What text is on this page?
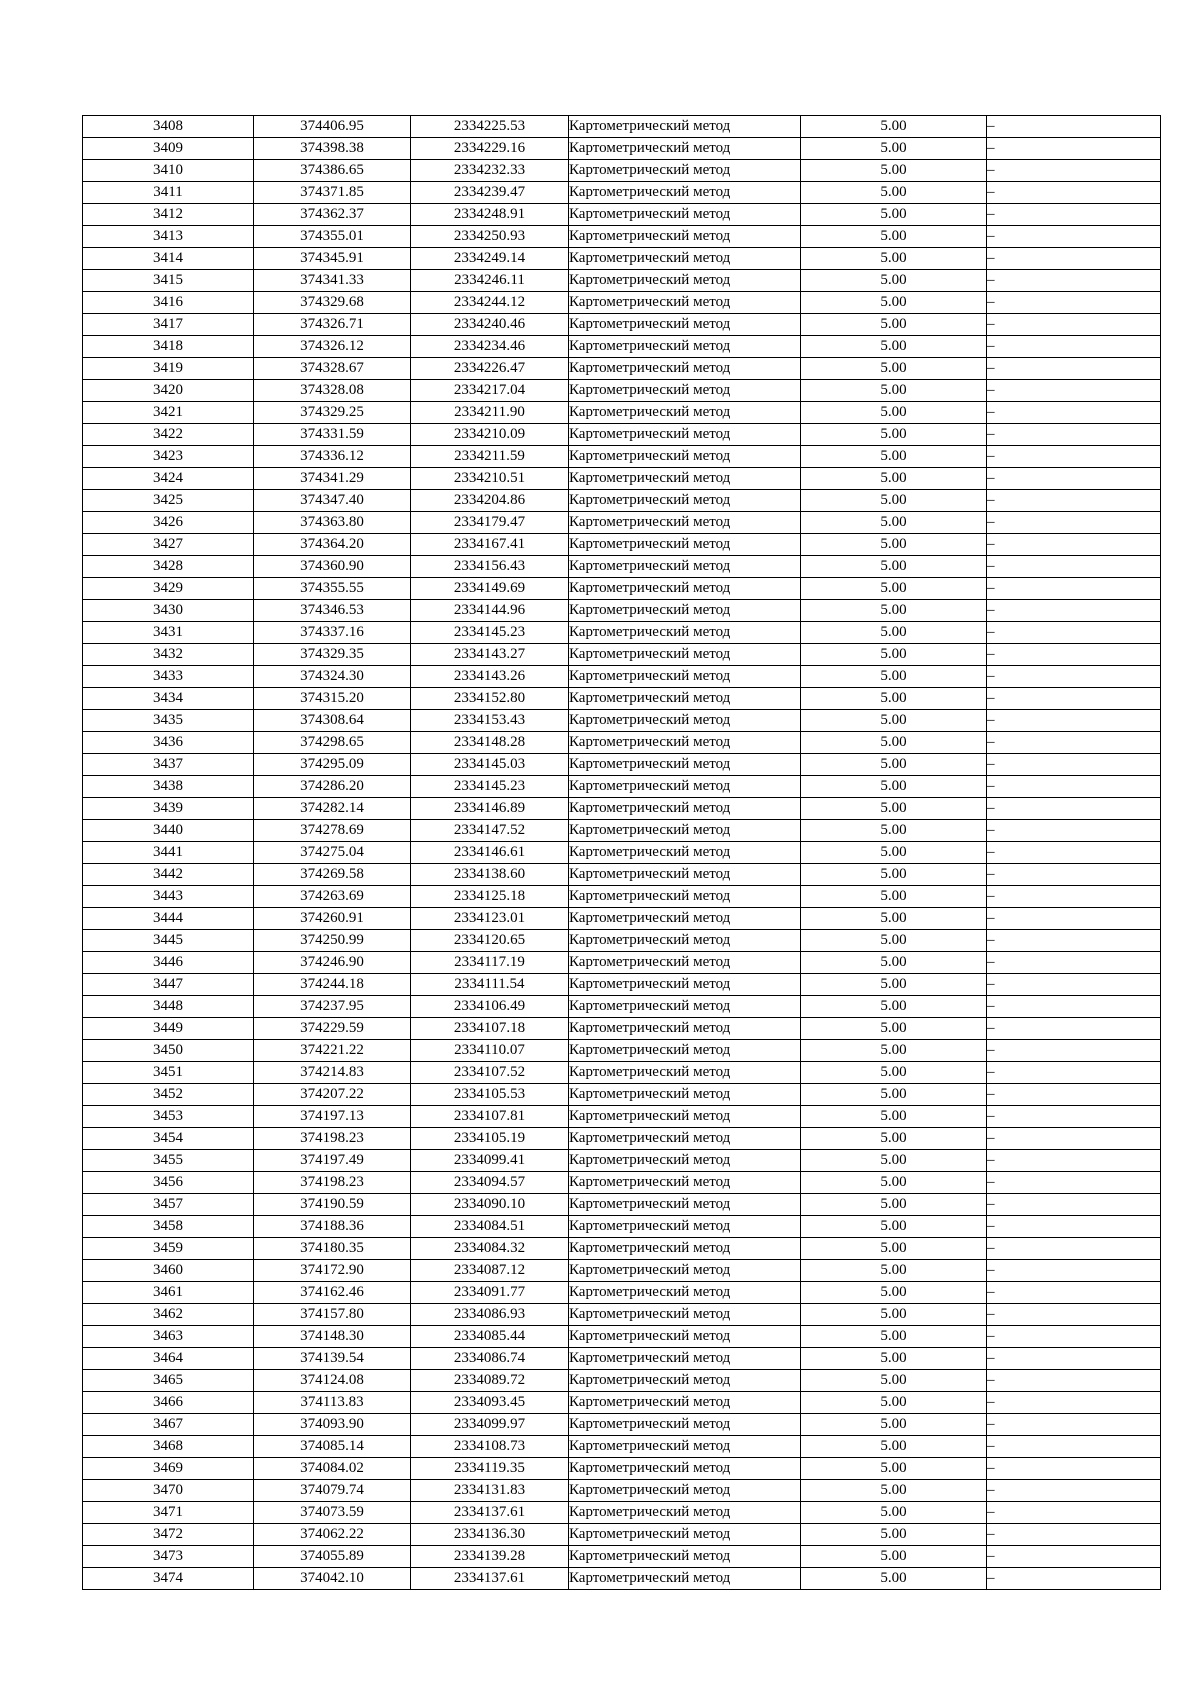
3408	374406.95	2334225.53	Картометрический метод	5.00	–
3409	374398.38	2334229.16	Картометрический метод	5.00	–
3410	374386.65	2334232.33	Картометрический метод	5.00	–
3411	374371.85	2334239.47	Картометрический метод	5.00	–
3412	374362.37	2334248.91	Картометрический метод	5.00	–
3413	374355.01	2334250.93	Картометрический метод	5.00	–
3414	374345.91	2334249.14	Картометрический метод	5.00	–
3415	374341.33	2334246.11	Картометрический метод	5.00	–
3416	374329.68	2334244.12	Картометрический метод	5.00	–
3417	374326.71	2334240.46	Картометрический метод	5.00	–
3418	374326.12	2334234.46	Картометрический метод	5.00	–
3419	374328.67	2334226.47	Картометрический метод	5.00	–
3420	374328.08	2334217.04	Картометрический метод	5.00	–
3421	374329.25	2334211.90	Картометрический метод	5.00	–
3422	374331.59	2334210.09	Картометрический метод	5.00	–
3423	374336.12	2334211.59	Картометрический метод	5.00	–
3424	374341.29	2334210.51	Картометрический метод	5.00	–
3425	374347.40	2334204.86	Картометрический метод	5.00	–
3426	374363.80	2334179.47	Картометрический метод	5.00	–
3427	374364.20	2334167.41	Картометрический метод	5.00	–
3428	374360.90	2334156.43	Картометрический метод	5.00	–
3429	374355.55	2334149.69	Картометрический метод	5.00	–
3430	374346.53	2334144.96	Картометрический метод	5.00	–
3431	374337.16	2334145.23	Картометрический метод	5.00	–
3432	374329.35	2334143.27	Картометрический метод	5.00	–
3433	374324.30	2334143.26	Картометрический метод	5.00	–
3434	374315.20	2334152.80	Картометрический метод	5.00	–
3435	374308.64	2334153.43	Картометрический метод	5.00	–
3436	374298.65	2334148.28	Картометрический метод	5.00	–
3437	374295.09	2334145.03	Картометрический метод	5.00	–
3438	374286.20	2334145.23	Картометрический метод	5.00	–
3439	374282.14	2334146.89	Картометрический метод	5.00	–
3440	374278.69	2334147.52	Картометрический метод	5.00	–
3441	374275.04	2334146.61	Картометрический метод	5.00	–
3442	374269.58	2334138.60	Картометрический метод	5.00	–
3443	374263.69	2334125.18	Картометрический метод	5.00	–
3444	374260.91	2334123.01	Картометрический метод	5.00	–
3445	374250.99	2334120.65	Картометрический метод	5.00	–
3446	374246.90	2334117.19	Картометрический метод	5.00	–
3447	374244.18	2334111.54	Картометрический метод	5.00	–
3448	374237.95	2334106.49	Картометрический метод	5.00	–
3449	374229.59	2334107.18	Картометрический метод	5.00	–
3450	374221.22	2334110.07	Картометрический метод	5.00	–
3451	374214.83	2334107.52	Картометрический метод	5.00	–
3452	374207.22	2334105.53	Картометрический метод	5.00	–
3453	374197.13	2334107.81	Картометрический метод	5.00	–
3454	374198.23	2334105.19	Картометрический метод	5.00	–
3455	374197.49	2334099.41	Картометрический метод	5.00	–
3456	374198.23	2334094.57	Картометрический метод	5.00	–
3457	374190.59	2334090.10	Картометрический метод	5.00	–
3458	374188.36	2334084.51	Картометрический метод	5.00	–
3459	374180.35	2334084.32	Картометрический метод	5.00	–
3460	374172.90	2334087.12	Картометрический метод	5.00	–
3461	374162.46	2334091.77	Картометрический метод	5.00	–
3462	374157.80	2334086.93	Картометрический метод	5.00	–
3463	374148.30	2334085.44	Картометрический метод	5.00	–
3464	374139.54	2334086.74	Картометрический метод	5.00	–
3465	374124.08	2334089.72	Картометрический метод	5.00	–
3466	374113.83	2334093.45	Картометрический метод	5.00	–
3467	374093.90	2334099.97	Картометрический метод	5.00	–
3468	374085.14	2334108.73	Картометрический метод	5.00	–
3469	374084.02	2334119.35	Картометрический метод	5.00	–
3470	374079.74	2334131.83	Картометрический метод	5.00	–
3471	374073.59	2334137.61	Картометрический метод	5.00	–
3472	374062.22	2334136.30	Картометрический метод	5.00	–
3473	374055.89	2334139.28	Картометрический метод	5.00	–
3474	374042.10	2334137.61	Картометрический метод	5.00	–
